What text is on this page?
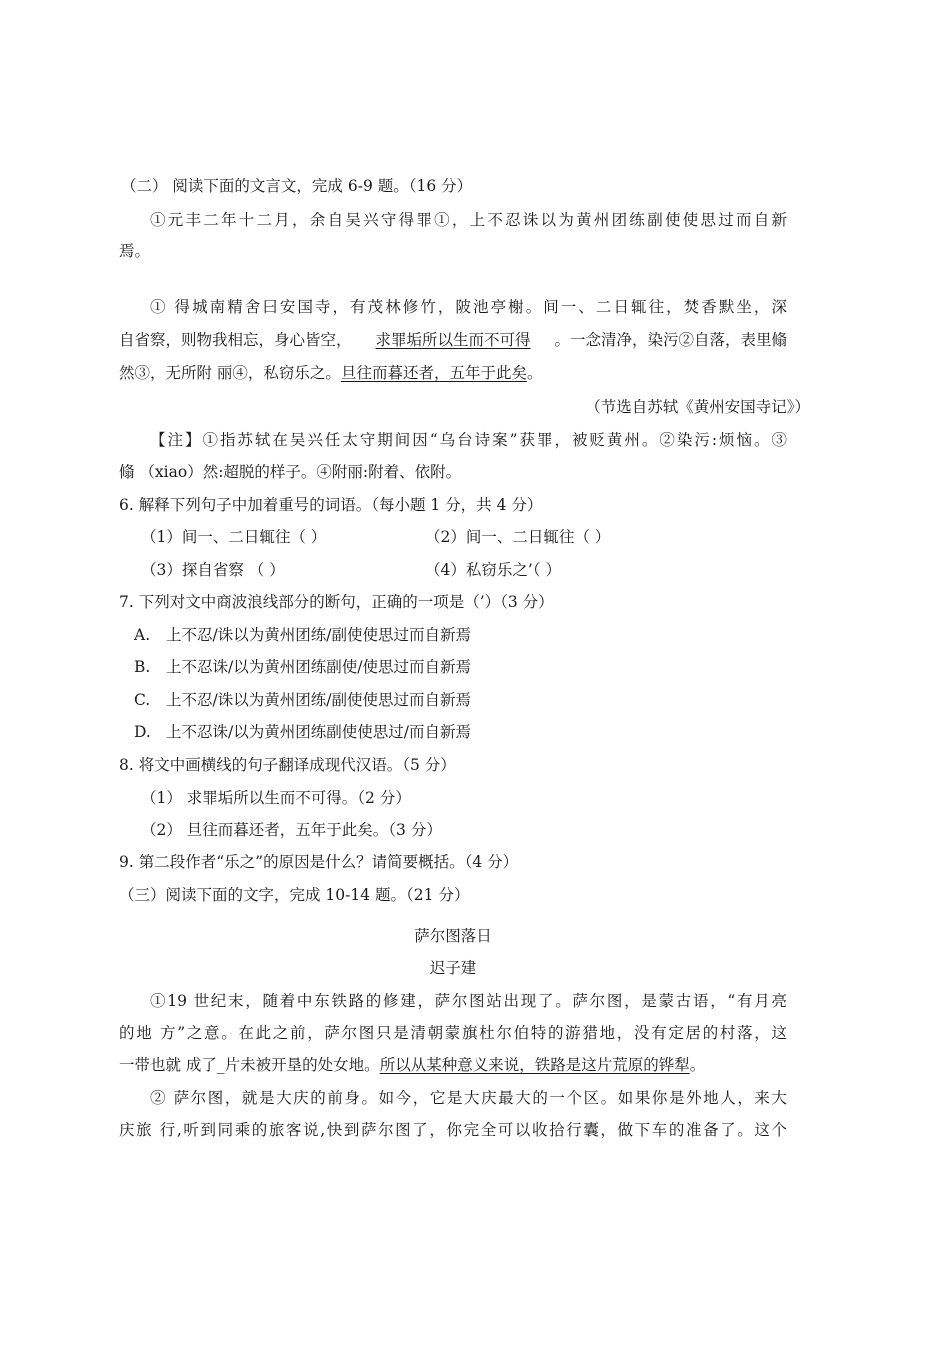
（二） 阅读下面的文言文，完成 6-9 题。（16 分）
①元丰二年十二月，余自吴兴守得罪①，上不忍诛以为黄州团练副使使思过而自新
焉。
① 得城南精舍曰安国寺，有茂林修竹，陂池亭榭。间一、二日辄往，焚香默坐，深
自省察，则物我相忘，身心皆空， 求罪垢所以生而不可得 。一念清净，染污②自落，表里翛
然③，无所附 丽④，私窃乐之。旦往而暮还者，五年于此矣。
（节选自苏轼《黄州安国寺记》）
【注】①指苏轼在吴兴任太守期间因“乌台诗案”获罪，被贬黄州。②染污:烦恼。③
翛 （xiao）然:超脱的样子。④附丽:附着、依附。
6. 解释下列句子中加着重号的词语。（每小题 1 分，共 4 分）
（1）间一、二日辄往（ ）	（2）间一、二日辄往（ ）
（3）探自省察 （ ）	（4）私窃乐之’（ ）
7. 下列对文中商波浪线部分的断句，正确的一项是（’）（3 分）
A. 上不忍/诛以为黄州团练/副使使思过而自新焉
B. 上不忍诛/以为黄州团练副使/使思过而自新焉
C. 上不忍/诛以为黄州团练/副使使思过而自新焉
D. 上不忍诛/以为黄州团练副使使思过/而自新焉
8. 将文中画横线的句子翻译成现代汉语。（5 分）
（1） 求罪垢所以生而不可得。（2 分）
（2） 旦往而暮还者，五年于此矣。（3 分）
9. 第二段作者“乐之”的原因是什么？请简要概括。（4 分）
（三）阅读下面的文字，完成 10-14 题。（21 分）
萨尔图落日
迟子建
①19 世纪末，随着中东铁路的修建，萨尔图站出现了。萨尔图，是蒙古语，“有月亮
的地 方”之意。在此之前，萨尔图只是清朝蒙旗杜尔伯特的游猎地，没有定居的村落，这
一带也就 成了_片未被开垦的处女地。所以从某种意义来说，铁路是这片荒原的铧犁。
② 萨尔图，就是大庆的前身。如今，它是大庆最大的一个区。如果你是外地人，来大
庆旅 行,听到同乘的旅客说,快到萨尔图了，你完全可以收拾行囊，做下车的准备了。这个
